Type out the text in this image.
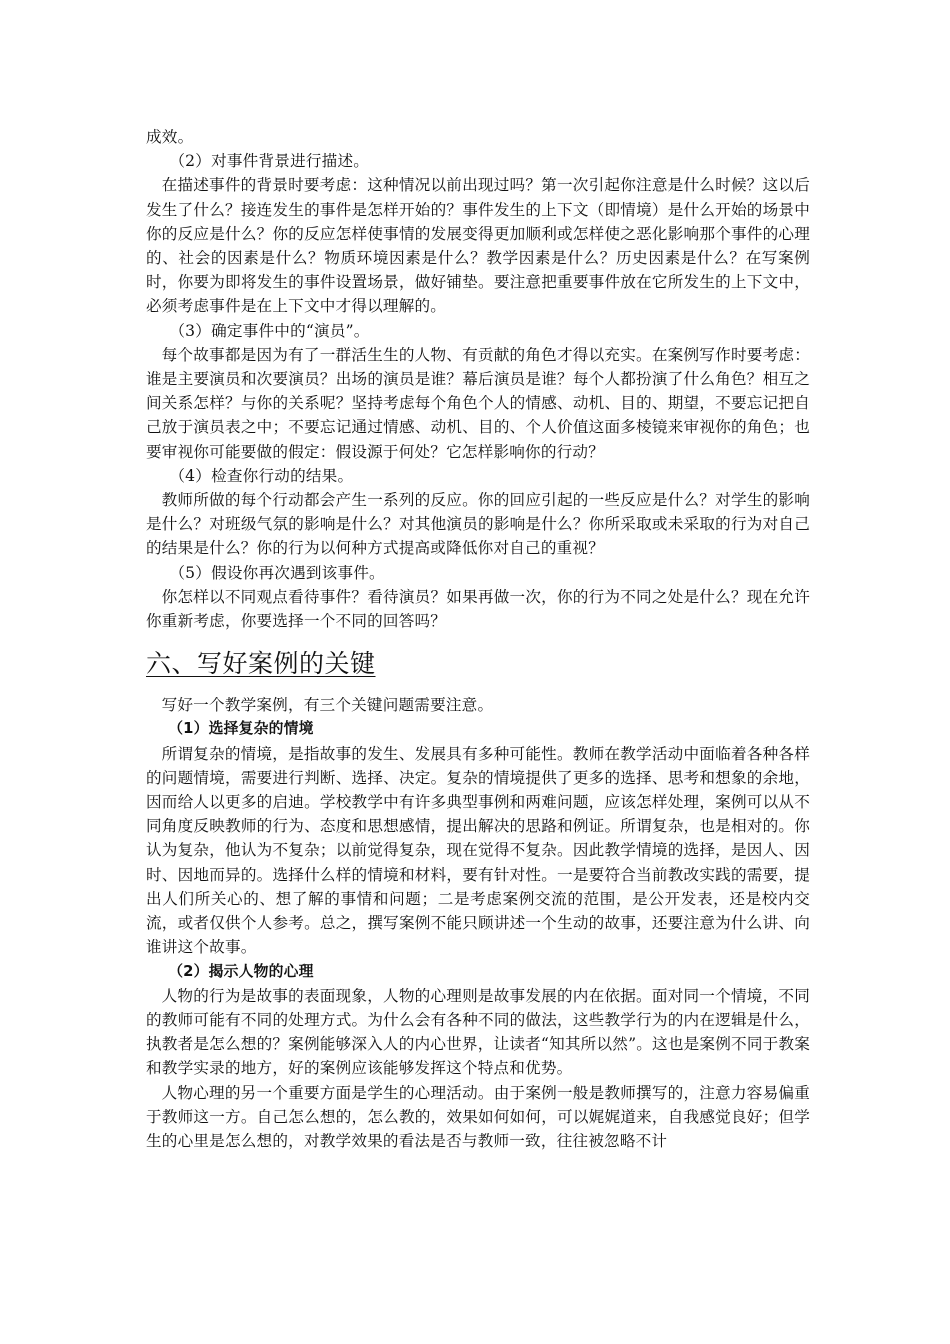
成效。

（2）对事件背景进行描述。

在描述事件的背景时要考虑：这种情况以前出现过吗？第一次引起你注意是什么时候？这以后发生了什么？接连发生的事件是怎样开始的？事件发生的上下文（即情境）是什么开始的场景中你的反应是什么？你的反应怎样使事情的发展变得更加顺利或怎样使之恶化影响那个事件的心理的、社会的因素是什么？物质环境因素是什么？教学因素是什么？历史因素是什么？在写案例时，你要为即将发生的事件设置场景，做好铺垫。要注意把重要事件放在它所发生的上下文中，必须考虑事件是在上下文中才得以理解的。

（3）确定事件中的“演员”。

每个故事都是因为有了一群活生生的人物、有贡献的角色才得以充实。在案例写作时要考虑：谁是主要演员和次要演员？出场的演员是谁？幕后演员是谁？每个人都扮演了什么角色？相互之间关系怎样？与你的关系呢？坚持考虑每个角色个人的情感、动机、目的、期望，不要忘记把自己放于演员表之中；不要忘记通过情感、动机、目的、个人价值这面多棱镜来审视你的角色；也要审视你可能要做的假定：假设源于何处？它怎样影响你的行动？

（4）检查你行动的结果。

教师所做的每个行动都会产生一系列的反应。你的回应引起的一些反应是什么？对学生的影响是什么？对班级气氛的影响是什么？对其他演员的影响是什么？你所采取或未采取的行为对自己的结果是什么？你的行为以何种方式提高或降低你对自己的重视？

（5）假设你再次遇到该事件。

你怎样以不同观点看待事件？看待演员？如果再做一次，你的行为不同之处是什么？现在允许你重新考虑，你要选择一个不同的回答吗？

六、写好案例的关键

写好一个教学案例，有三个关键问题需要注意。

（1）选择复杂的情境

所谓复杂的情境，是指故事的发生、发展具有多种可能性。教师在教学活动中面临着各种各样的问题情境，需要进行判断、选择、决定。复杂的情境提供了更多的选择、思考和想象的余地，因而给人以更多的启迪。学校教学中有许多典型事例和两难问题，应该怎样处理，案例可以从不同角度反映教师的行为、态度和思想感情，提出解决的思路和例证。所谓复杂，也是相对的。你认为复杂，他认为不复杂；以前觉得复杂，现在觉得不复杂。因此教学情境的选择，是因人、因时、因地而异的。选择什么样的情境和材料，要有针对性。一是要符合当前教改实践的需要，提出人们所关心的、想了解的事情和问题；二是考虑案例交流的范围，是公开发表，还是校内交流，或者仅供个人参考。总之，撰写案例不能只顾讲述一个生动的故事，还要注意为什么讲、向谁讲这个故事。

（2）揭示人物的心理

人物的行为是故事的表面现象，人物的心理则是故事发展的内在依据。面对同一个情境，不同的教师可能有不同的处理方式。为什么会有各种不同的做法，这些教学行为的内在逻辑是什么，执教者是怎么想的？案例能够深入人的内心世界，让读者“知其所以然”。这也是案例不同于教案和教学实录的地方，好的案例应该能够发挥这个特点和优势。

人物心理的另一个重要方面是学生的心理活动。由于案例一般是教师撰写的，注意力容易偏重于教师这一方。自己怎么想的，怎么教的，效果如何如何，可以娓娓道来，自我感觉良好；但学生的心里是怎么想的，对教学效果的看法是否与教师一致，往往被忽略不计
